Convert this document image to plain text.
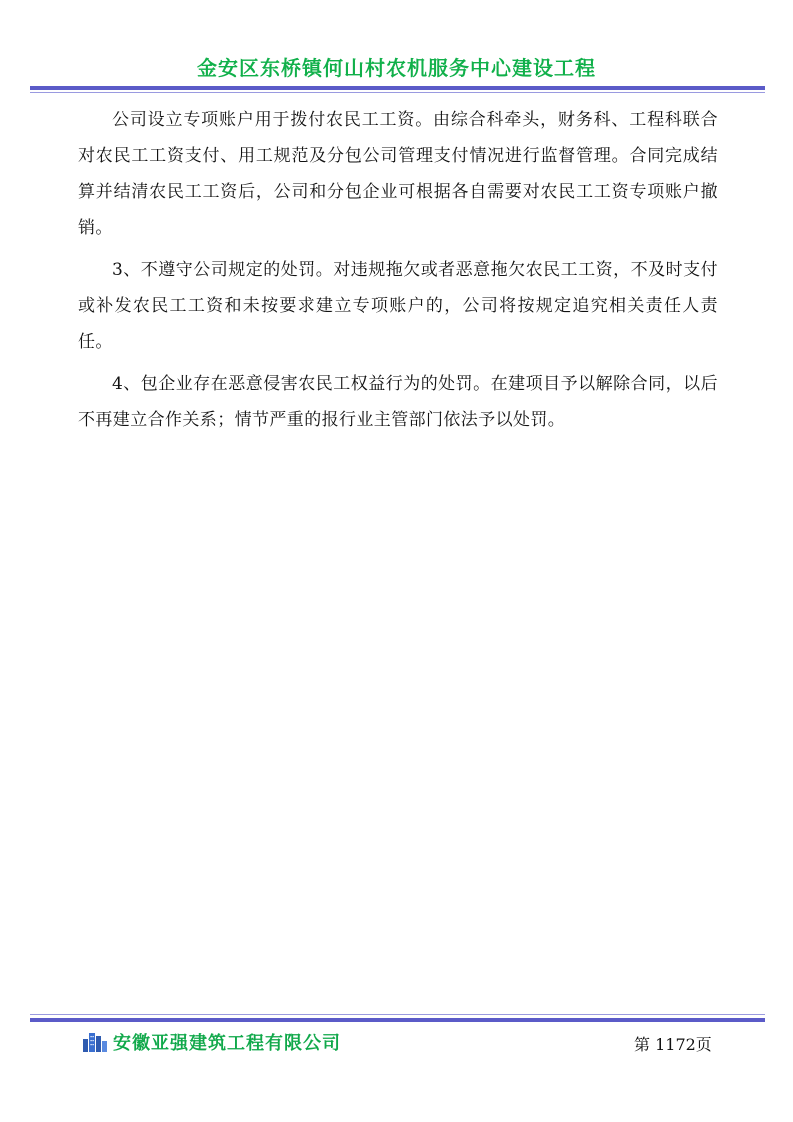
金安区东桥镇何山村农机服务中心建设工程

公司设立专项账户用于拨付农民工工资。由综合科牵头，财务科、工程科联合对农民工工资支付、用工规范及分包公司管理支付情况进行监督管理。合同完成结算并结清农民工工资后，公司和分包企业可根据各自需要对农民工工资专项账户撤销。

3、不遵守公司规定的处罚。对违规拖欠或者恶意拖欠农民工工资，不及时支付或补发农民工工资和未按要求建立专项账户的，公司将按规定追究相关责任人责任。

4、包企业存在恶意侵害农民工权益行为的处罚。在建项目予以解除合同，以后不再建立合作关系；情节严重的报行业主管部门依法予以处罚。

安徽亚强建筑工程有限公司	第 1172页
